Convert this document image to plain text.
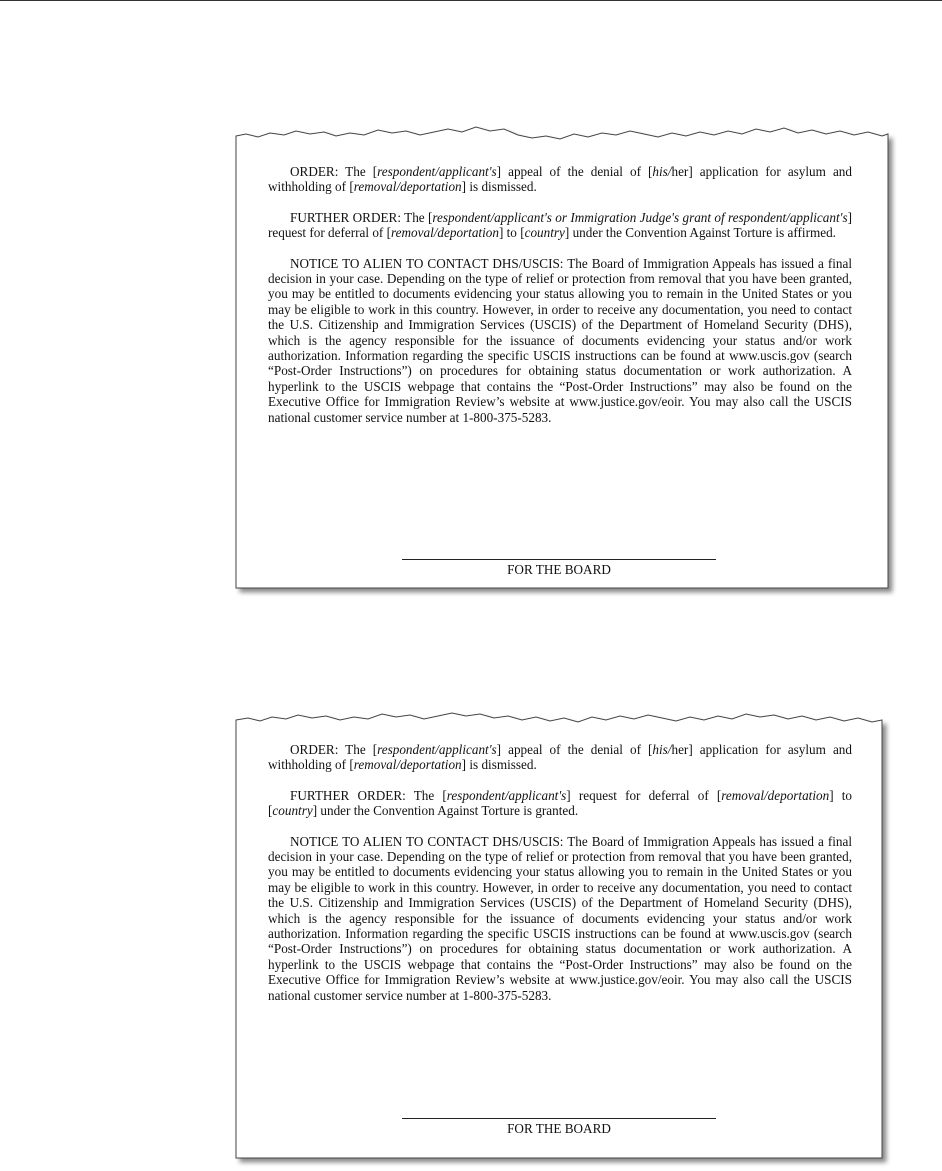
ORDER: The [respondent/applicant's] appeal of the denial of [his/her] application for asylum and withholding of [removal/deportation] is dismissed.

FURTHER ORDER: The [respondent/applicant's or Immigration Judge's grant of respondent/applicant's] request for deferral of [removal/deportation] to [country] under the Convention Against Torture is affirmed.

NOTICE TO ALIEN TO CONTACT DHS/USCIS: The Board of Immigration Appeals has issued a final decision in your case. Depending on the type of relief or protection from removal that you have been granted, you may be entitled to documents evidencing your status allowing you to remain in the United States or you may be eligible to work in this country. However, in order to receive any documentation, you need to contact the U.S. Citizenship and Immigration Services (USCIS) of the Department of Homeland Security (DHS), which is the agency responsible for the issuance of documents evidencing your status and/or work authorization. Information regarding the specific USCIS instructions can be found at www.uscis.gov (search “Post-Order Instructions”) on procedures for obtaining status documentation or work authorization. A hyperlink to the USCIS webpage that contains the “Post-Order Instructions” may also be found on the Executive Office for Immigration Review’s website at www.justice.gov/eoir. You may also call the USCIS national customer service number at 1-800-375-5283.

FOR THE BOARD

ORDER: The [respondent/applicant's] appeal of the denial of [his/her] application for asylum and withholding of [removal/deportation] is dismissed.

FURTHER ORDER: The [respondent/applicant's] request for deferral of [removal/deportation] to [country] under the Convention Against Torture is granted.

NOTICE TO ALIEN TO CONTACT DHS/USCIS: The Board of Immigration Appeals has issued a final decision in your case. Depending on the type of relief or protection from removal that you have been granted, you may be entitled to documents evidencing your status allowing you to remain in the United States or you may be eligible to work in this country. However, in order to receive any documentation, you need to contact the U.S. Citizenship and Immigration Services (USCIS) of the Department of Homeland Security (DHS), which is the agency responsible for the issuance of documents evidencing your status and/or work authorization. Information regarding the specific USCIS instructions can be found at www.uscis.gov (search “Post-Order Instructions”) on procedures for obtaining status documentation or work authorization. A hyperlink to the USCIS webpage that contains the “Post-Order Instructions” may also be found on the Executive Office for Immigration Review’s website at www.justice.gov/eoir. You may also call the USCIS national customer service number at 1-800-375-5283.

FOR THE BOARD
